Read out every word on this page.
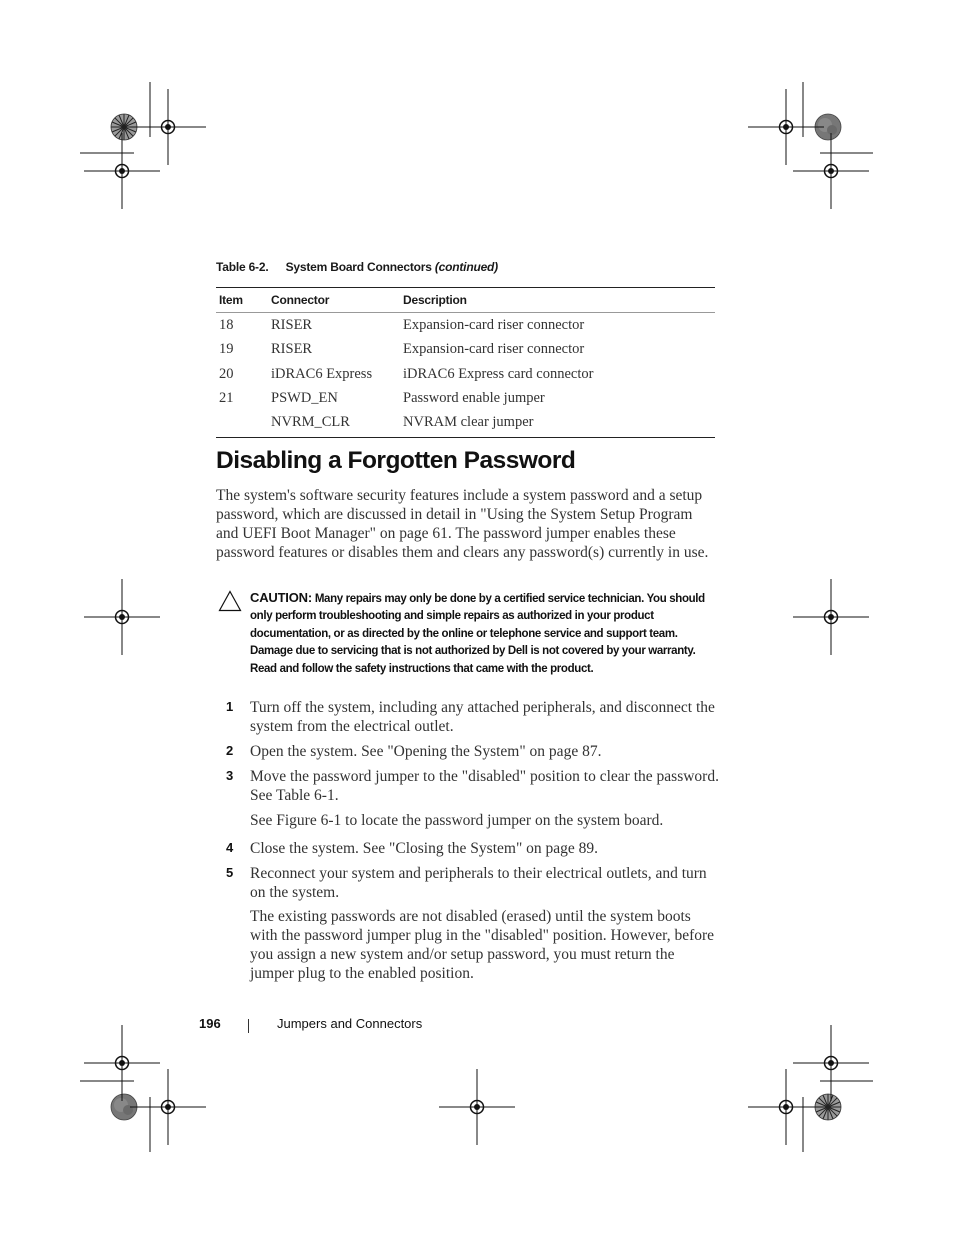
Table 6-2. System Board Connectors (continued)
Item	Connector	Description
18	RISER	Expansion-card riser connector
19	RISER	Expansion-card riser connector
20	iDRAC6 Express	iDRAC6 Express card connector
21	PSWD_EN	Password enable jumper
	NVRM_CLR	NVRAM clear jumper
Disabling a Forgotten Password

The system's software security features include a system password and a setup password, which are discussed in detail in "Using the System Setup Program and UEFI Boot Manager" on page 61. The password jumper enables these password features or disables them and clears any password(s) currently in use.

CAUTION: Many repairs may only be done by a certified service technician. You should only perform troubleshooting and simple repairs as authorized in your product documentation, or as directed by the online or telephone service and support team. Damage due to servicing that is not authorized by Dell is not covered by your warranty. Read and follow the safety instructions that came with the product.
1 Turn off the system, including any attached peripherals, and disconnect the system from the electrical outlet.
2 Open the system. See "Opening the System" on page 87.
3 Move the password jumper to the "disabled" position to clear the password. See Table 6-1.
See Figure 6-1 to locate the password jumper on the system board.
4 Close the system. See "Closing the System" on page 89.
5 Reconnect your system and peripherals to their electrical outlets, and turn on the system.
The existing passwords are not disabled (erased) until the system boots with the password jumper plug in the "disabled" position. However, before you assign a new system and/or setup password, you must return the jumper plug to the enabled position.
196	Jumpers and Connectors
